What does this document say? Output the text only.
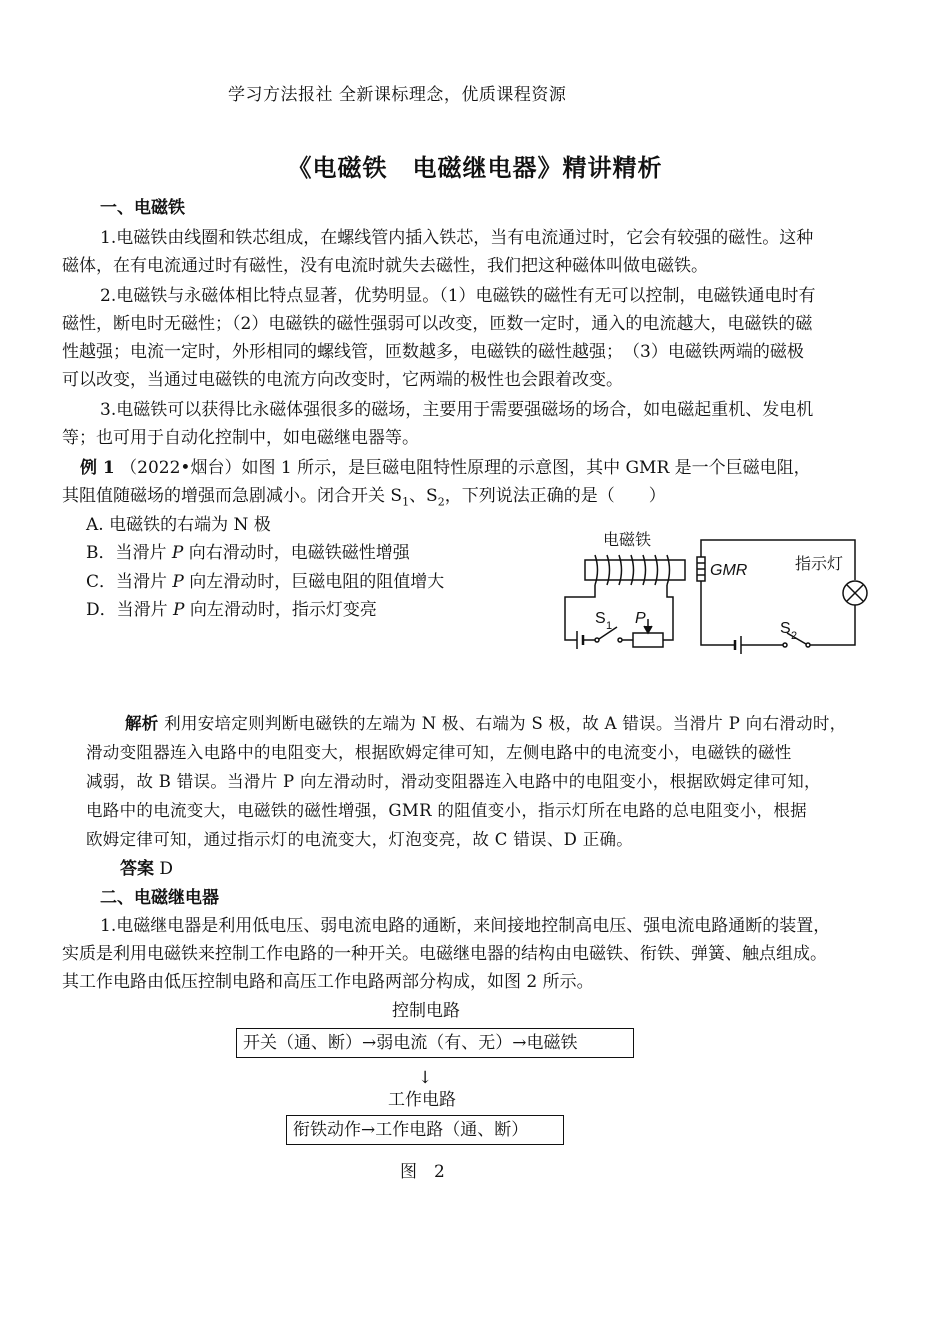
学习方法报社 全新课标理念，优质课程资源
《电磁铁　电磁继电器》精讲精析
一、电磁铁
1.电磁铁由线圈和铁芯组成，在螺线管内插入铁芯，当有电流通过时，它会有较强的磁性。这种
磁体，在有电流通过时有磁性，没有电流时就失去磁性，我们把这种磁体叫做电磁铁。
2.电磁铁与永磁体相比特点显著，优势明显。（1）电磁铁的磁性有无可以控制，电磁铁通电时有
磁性，断电时无磁性；（2）电磁铁的磁性强弱可以改变，匝数一定时，通入的电流越大，电磁铁的磁
性越强；电流一定时，外形相同的螺线管，匝数越多，电磁铁的磁性越强；　（3）电磁铁两端的磁极
可以改变，当通过电磁铁的电流方向改变时，它两端的极性也会跟着改变。
3.电磁铁可以获得比永磁体强很多的磁场，主要用于需要强磁场的场合，如电磁起重机、发电机
等；也可用于自动化控制中，如电磁继电器等。
例 1 （2022•烟台）如图 1 所示，是巨磁电阻特性原理的示意图，其中 GMR 是一个巨磁电阻，
其阻值随磁场的增强而急剧减小。闭合开关 $S_1$、$S_2$，下列说法正确的是（　　）
A. 电磁铁的右端为 N 极
B．当滑片 P 向右滑动时，电磁铁磁性增强
C．当滑片 P 向左滑动时，巨磁电阻的阻值增大
D．当滑片 P 向左滑动时，指示灯变亮
电磁铁
GMR	指示灯
S 1 P
S 2
解析 利用安培定则判断电磁铁的左端为 N 极、右端为 S 极，故 A 错误。当滑片 P 向右滑动时，
滑动变阻器连入电路中的电阻变大，根据欧姆定律可知，左侧电路中的电流变小，电磁铁的磁性
减弱，故 B 错误。当滑片 P 向左滑动时，滑动变阻器连入电路中的电阻变小，根据欧姆定律可知，
电路中的电流变大，电磁铁的磁性增强，GMR 的阻值变小，指示灯所在电路的总电阻变小，根据
欧姆定律可知，通过指示灯的电流变大，灯泡变亮，故 C 错误、D 正确。
答案 D
二、电磁继电器
1.电磁继电器是利用低电压、弱电流电路的通断，来间接地控制高电压、强电流电路通断的装置，
实质是利用电磁铁来控制工作电路的一种开关。电磁继电器的结构由电磁铁、衔铁、弹簧、触点组成。
其工作电路由低压控制电路和高压工作电路两部分构成，如图 2 所示。
控制电路
开关（通、断）→弱电流（有、无）→电磁铁
↓
工作电路
衔铁动作→工作电路（通、断）
图　2
